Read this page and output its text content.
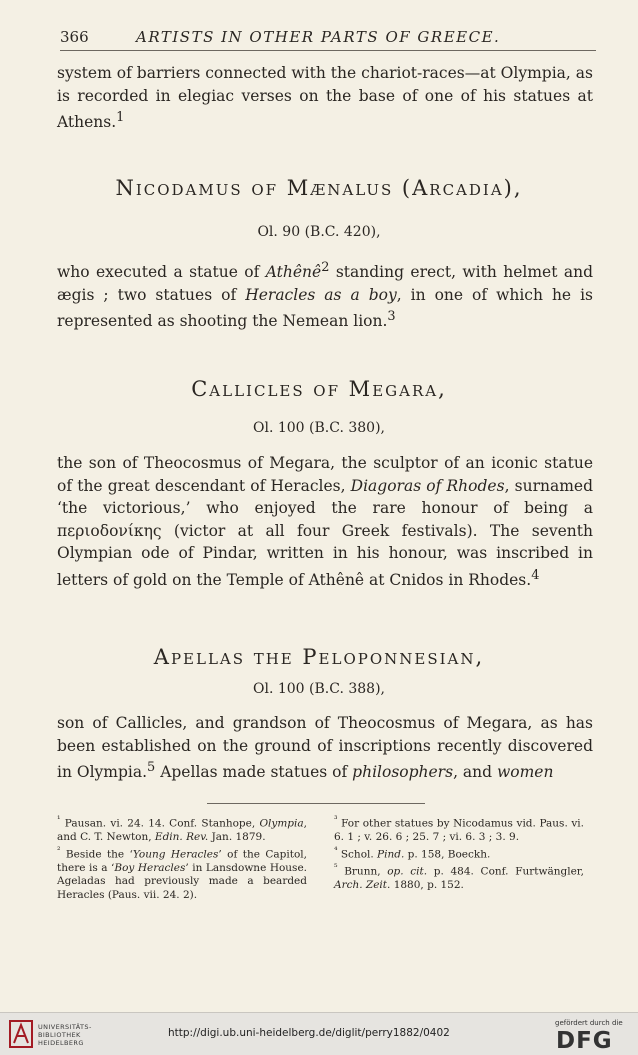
366	ARTISTS IN OTHER PARTS OF GREECE.

system of barriers connected with the chariot-races—at Olympia, as is recorded in elegiac verses on the base of one of his statues at Athens.$^1$

Nicodamus of Mænalus (Arcadia),
Ol. 90 (B.C. 420),

who executed a statue of Athênê$^2$ standing erect, with helmet and ægis ; two statues of Heracles as a boy, in one of which he is represented as shooting the Nemean lion.$^3$

Callicles of Megara,
Ol. 100 (B.C. 380),

the son of Theocosmus of Megara, the sculptor of an iconic statue of the great descendant of Heracles, Diagoras of Rhodes, surnamed ‘the victorious,’ who enjoyed the rare honour of being a περιοδονίκης (victor at all four Greek festivals). The seventh Olympian ode of Pindar, written in his honour, was inscribed in letters of gold on the Temple of Athênê at Cnidos in Rhodes.$^4$

Apellas the Peloponnesian,
Ol. 100 (B.C. 388),

son of Callicles, and grandson of Theocosmus of Megara, as has been established on the ground of inscriptions recently discovered in Olympia.$^5$ Apellas made statues of philosophers, and women

$^{^1}$ Pausan. vi. 24. 14. Conf. Stanhope, Olympia, and C. T. Newton, Edin. Rev. Jan. 1879.
$^{^2}$ Beside the ‘Young Heracles’ of the Capitol, there is a ‘Boy Heracles’ in Lansdowne House. Ageladas had previously made a bearded Heracles (Paus. vii. 24. 2).
$^{^3}$ For other statues by Nicodamus vid. Paus. vi. 6. 1 ; v. 26. 6 ; 25. 7 ; vi. 6. 3 ; 3. 9.
$^{^4}$ Schol. Pind. p. 158, Boeckh.
$^{^5}$ Brunn, op. cit. p. 484. Conf. Furtwängler, Arch. Zeit. 1880, p. 152.
UNIVERSITÄTS-
BIBLIOTHEK
HEIDELBERG
http://digi.ub.uni-heidelberg.de/diglit/perry1882/0402
gefördert durch die
DFG
